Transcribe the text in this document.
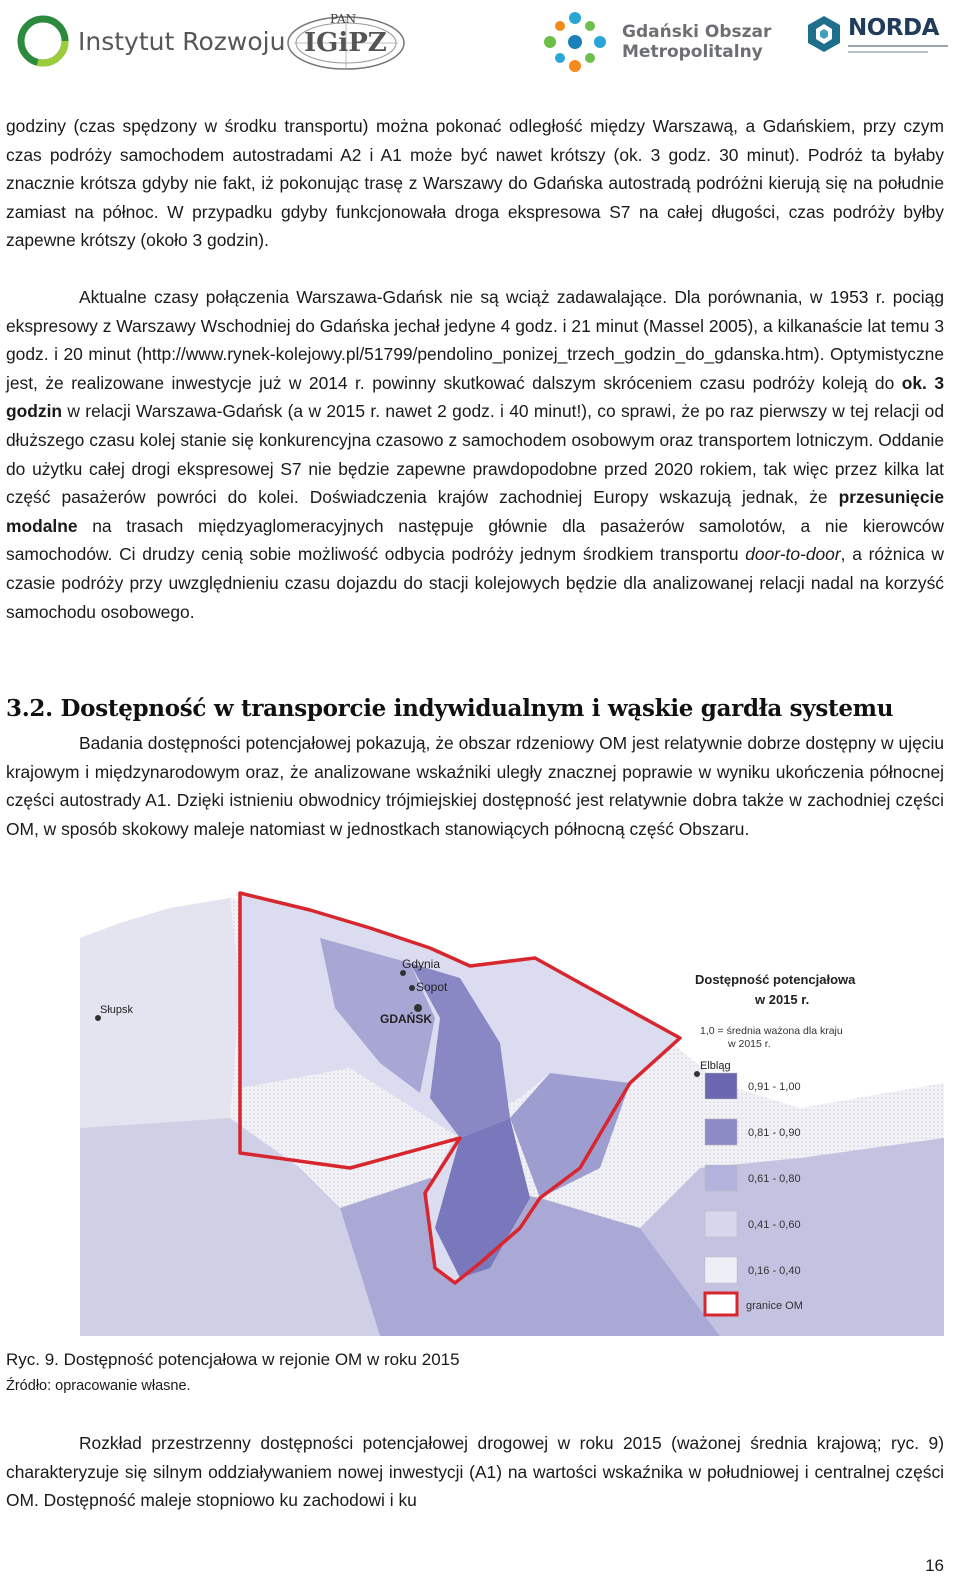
Instytut Rozwoju
PAN
IGiPZ	Gdański Obszar
Metropolitalny
NORDA

godziny (czas spędzony w środku transportu) można pokonać odległość między Warszawą, a Gdańskiem, przy czym czas podróży samochodem autostradami A2 i A1 może być nawet krótszy (ok. 3 godz. 30 minut). Podróż ta byłaby znacznie krótsza gdyby nie fakt, iż pokonując trasę z Warszawy do Gdańska autostradą podróżni kierują się na południe zamiast na północ. W przypadku gdyby funkcjonowała droga ekspresowa S7 na całej długości, czas podróży byłby zapewne krótszy (około 3 godzin).

Aktualne czasy połączenia Warszawa-Gdańsk nie są wciąż zadawalające. Dla porównania, w 1953 r. pociąg ekspresowy z Warszawy Wschodniej do Gdańska jechał jedyne 4 godz. i 21 minut (Massel 2005), a kilkanaście lat temu 3 godz. i 20 minut (http://www.rynek-kolejowy.pl/51799/pendolino_ponizej_trzech_godzin_do_gdanska.htm). Optymistyczne jest, że realizowane inwestycje już w 2014 r. powinny skutkować dalszym skróceniem czasu podróży koleją do ok. 3 godzin w relacji Warszawa-Gdańsk (a w 2015 r. nawet 2 godz. i 40 minut!), co sprawi, że po raz pierwszy w tej relacji od dłuższego czasu kolej stanie się konkurencyjna czasowo z samochodem osobowym oraz transportem lotniczym. Oddanie do użytku całej drogi ekspresowej S7 nie będzie zapewne prawdopodobne przed 2020 rokiem, tak więc przez kilka lat część pasażerów powróci do kolei. Doświadczenia krajów zachodniej Europy wskazują jednak, że przesunięcie modalne na trasach międzyaglomeracyjnych następuje głównie dla pasażerów samolotów, a nie kierowców samochodów. Ci drudzy cenią sobie możliwość odbycia podróży jednym środkiem transportu door-to-door, a różnica w czasie podróży przy uwzględnieniu czasu dojazdu do stacji kolejowych będzie dla analizowanej relacji nadal na korzyść samochodu osobowego.

3.2. Dostępność w transporcie indywidualnym i wąskie gardła systemu

Badania dostępności potencjałowej pokazują, że obszar rdzeniowy OM jest relatywnie dobrze dostępny w ujęciu krajowym i międzynarodowym oraz, że analizowane wskaźniki uległy znacznej poprawie w wyniku ukończenia północnej części autostrady A1. Dzięki istnieniu obwodnicy trójmiejskiej dostępność jest relatywnie dobra także w zachodniej części OM, w sposób skokowy maleje natomiast w jednostkach stanowiących północną część Obszaru.

Gdynia
Sopot
GDAŃSK
Słupsk
Elbląg
Dostępność potencjałowa
w 2015 r.
1,0 = średnia ważona dla kraju
w 2015 r.
0,91 - 1,00
0,81 - 0,90
0,61 - 0,80
0,41 - 0,60
0,16 - 0,40
granice OM
Ryc. 9. Dostępność potencjałowa w rejonie OM w roku 2015
Źródło: opracowanie własne.

Rozkład przestrzenny dostępności potencjałowej drogowej w roku 2015 (ważonej średnia krajową; ryc. 9) charakteryzuje się silnym oddziaływaniem nowej inwestycji (A1) na wartości wskaźnika w południowej i centralnej części OM. Dostępność maleje stopniowo ku zachodowi i ku

16
